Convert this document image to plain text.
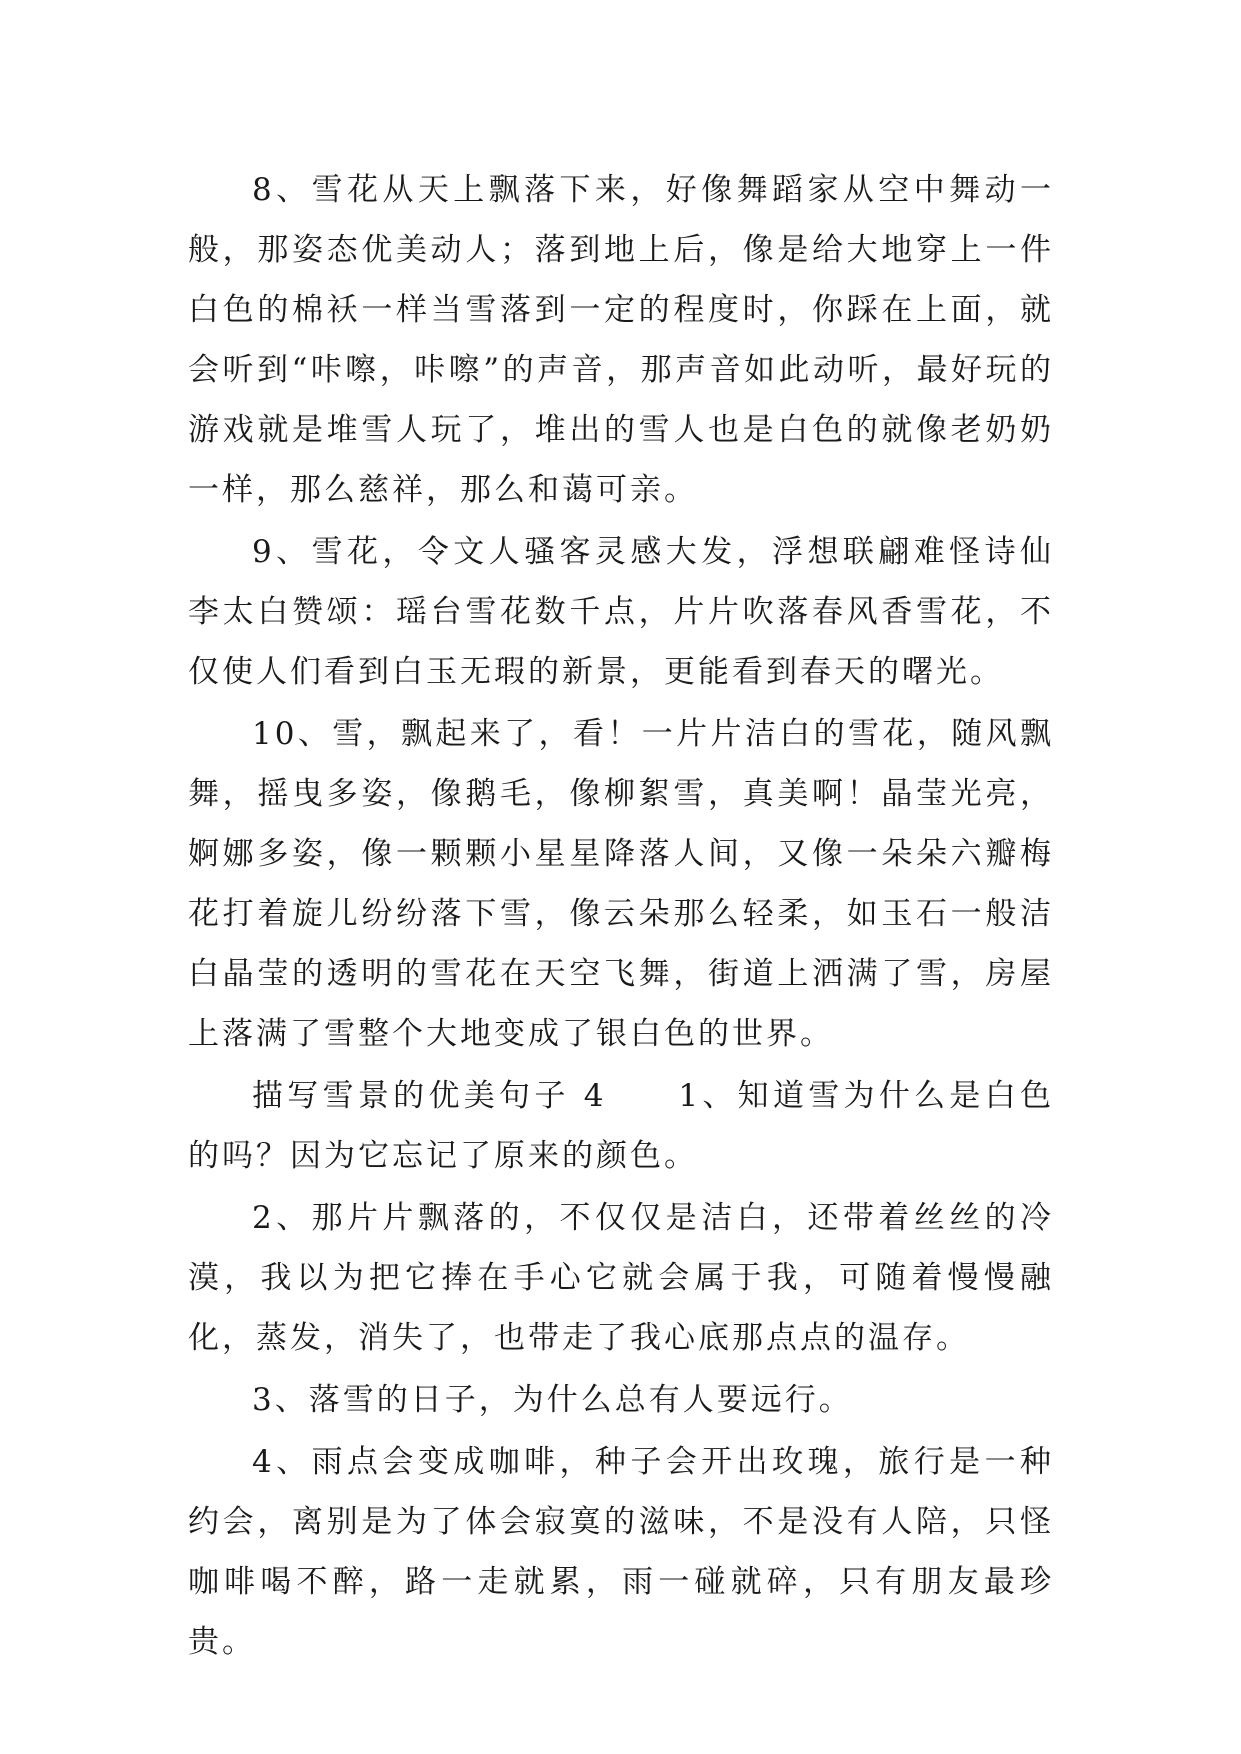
8、雪花从天上飘落下来，好像舞蹈家从空中舞动一般，那姿态优美动人；落到地上后，像是给大地穿上一件白色的棉袄一样当雪落到一定的程度时，你踩在上面，就会听到“咔嚓，咔嚓”的声音，那声音如此动听，最好玩的游戏就是堆雪人玩了，堆出的雪人也是白色的就像老奶奶一样，那么慈祥，那么和蔼可亲。

9、雪花，令文人骚客灵感大发，浮想联翩难怪诗仙李太白赞颂：瑶台雪花数千点，片片吹落春风香雪花，不仅使人们看到白玉无瑕的新景，更能看到春天的曙光。

10、雪，飘起来了，看！一片片洁白的雪花，随风飘舞，摇曳多姿，像鹅毛，像柳絮雪，真美啊！晶莹光亮，婀娜多姿，像一颗颗小星星降落人间，又像一朵朵六瓣梅花打着旋儿纷纷落下雪，像云朵那么轻柔，如玉石一般洁白晶莹的透明的雪花在天空飞舞，街道上洒满了雪，房屋上落满了雪整个大地变成了银白色的世界。

描写雪景的优美句子 4　　1、知道雪为什么是白色的吗？因为它忘记了原来的颜色。

2、那片片飘落的，不仅仅是洁白，还带着丝丝的冷漠，我以为把它捧在手心它就会属于我，可随着慢慢融化，蒸发，消失了，也带走了我心底那点点的温存。

3、落雪的日子，为什么总有人要远行。

4、雨点会变成咖啡，种子会开出玫瑰，旅行是一种约会，离别是为了体会寂寞的滋味，不是没有人陪，只怪咖啡喝不醉，路一走就累，雨一碰就碎，只有朋友最珍贵。
